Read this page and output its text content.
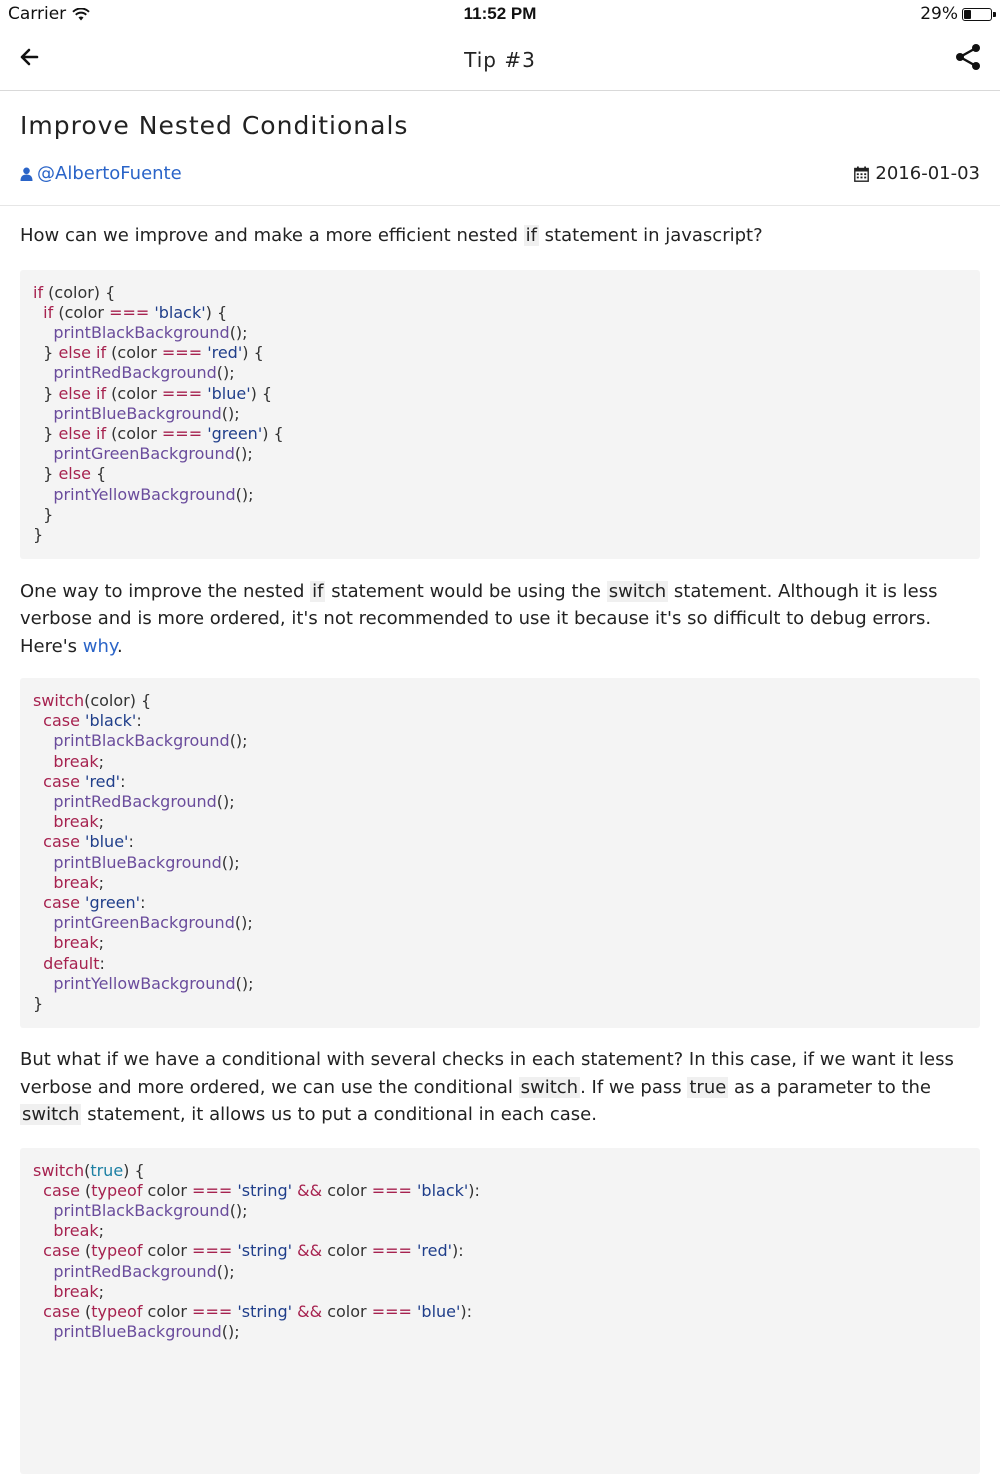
Carrier	11:52 PM	29%
Tip #3
Improve Nested Conditionals
@AlbertoFuente	2016-01-03

How can we improve and make a more efficient nested if statement in javascript?

if (color) {
if (color === 'black') {
printBlackBackground();
} else if (color === 'red') {
printRedBackground();
} else if (color === 'blue') {
printBlueBackground();
} else if (color === 'green') {
printGreenBackground();
} else {
printYellowBackground();
}
}

One way to improve the nested if statement would be using the switch statement. Although it is less verbose and is more ordered, it's not recommended to use it because it's so difficult to debug errors. Here's why.

switch(color) {
case 'black':
printBlackBackground();
break;
case 'red':
printRedBackground();
break;
case 'blue':
printBlueBackground();
break;
case 'green':
printGreenBackground();
break;
default:
printYellowBackground();
}

But what if we have a conditional with several checks in each statement? In this case, if we want it less verbose and more ordered, we can use the conditional switch . If we pass true as a parameter to the switch statement, it allows us to put a conditional in each case.

switch(true) {
case (typeof color === 'string' && color === 'black'):
printBlackBackground();
break;
case (typeof color === 'string' && color === 'red'):
printRedBackground();
break;
case (typeof color === 'string' && color === 'blue'):
printBlueBackground();
